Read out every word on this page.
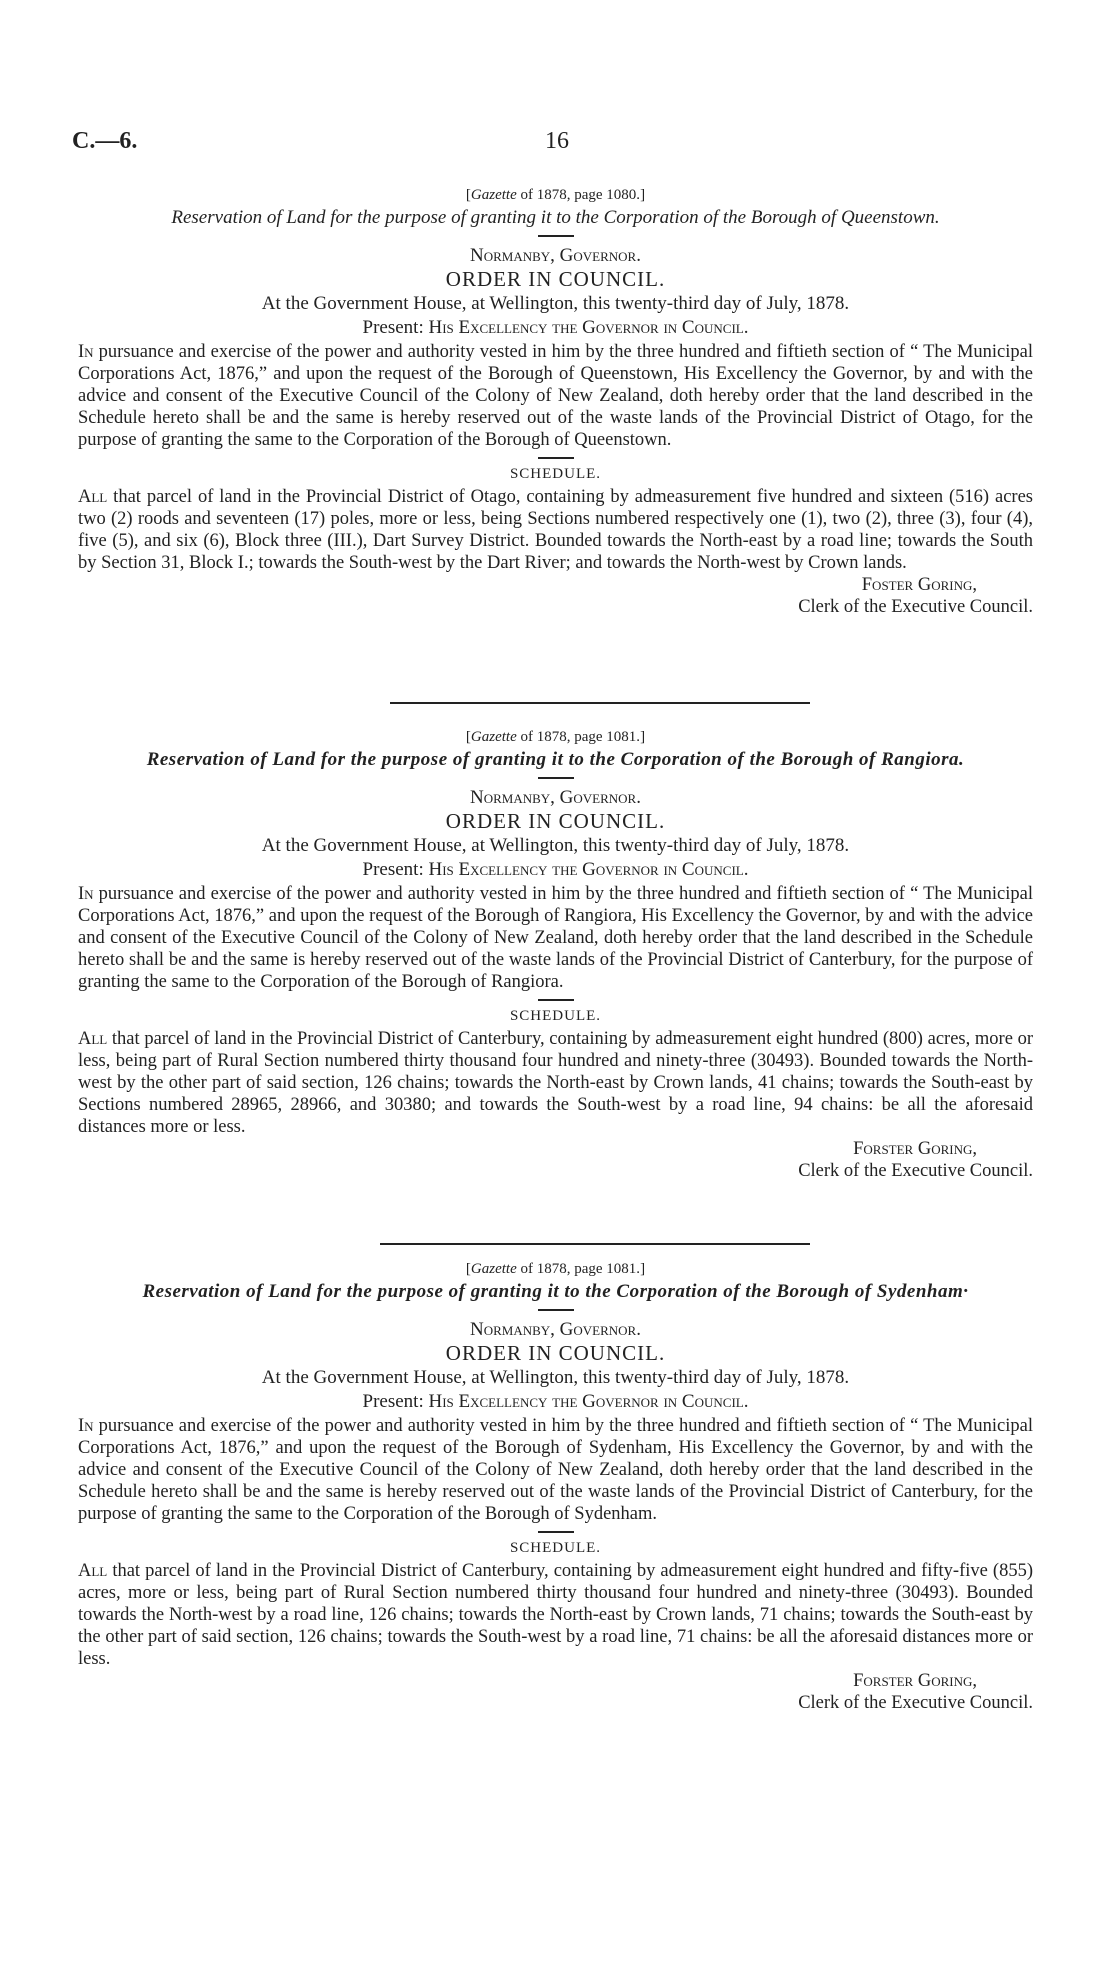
C.—6.	16
[Gazette of 1878, page 1080.]
Reservation of Land for the purpose of granting it to the Corporation of the Borough of Queenstown.
Normanby, Governor.
ORDER IN COUNCIL.
At the Government House, at Wellington, this twenty-third day of July, 1878.
Present: His Excellency the Governor in Council.
In pursuance and exercise of the power and authority vested in him by the three hundred and fiftieth section of “ The Municipal Corporations Act, 1876,” and upon the request of the Borough of Queenstown, His Excellency the Governor, by and with the advice and consent of the Executive Council of the Colony of New Zealand, doth hereby order that the land described in the Schedule hereto shall be and the same is hereby reserved out of the waste lands of the Provincial District of Otago, for the purpose of granting the same to the Corporation of the Borough of Queenstown.
SCHEDULE.
All that parcel of land in the Provincial District of Otago, containing by admeasurement five hundred and sixteen (516) acres two (2) roods and seventeen (17) poles, more or less, being Sections numbered respectively one (1), two (2), three (3), four (4), five (5), and six (6), Block three (III.), Dart Survey District. Bounded towards the North-east by a road line; towards the South by Section 31, Block I.; towards the South-west by the Dart River; and towards the North-west by Crown lands.
Foster Goring,
Clerk of the Executive Council.
[Gazette of 1878, page 1081.]
Reservation of Land for the purpose of granting it to the Corporation of the Borough of Rangiora.
Normanby, Governor.
ORDER IN COUNCIL.
At the Government House, at Wellington, this twenty-third day of July, 1878.
Present: His Excellency the Governor in Council.
In pursuance and exercise of the power and authority vested in him by the three hundred and fiftieth section of “ The Municipal Corporations Act, 1876,” and upon the request of the Borough of Rangiora, His Excellency the Governor, by and with the advice and consent of the Executive Council of the Colony of New Zealand, doth hereby order that the land described in the Schedule hereto shall be and the same is hereby reserved out of the waste lands of the Provincial District of Canterbury, for the purpose of granting the same to the Corporation of the Borough of Rangiora.
SCHEDULE.
All that parcel of land in the Provincial District of Canterbury, containing by admeasurement eight hundred (800) acres, more or less, being part of Rural Section numbered thirty thousand four hundred and ninety-three (30493). Bounded towards the North-west by the other part of said section, 126 chains; towards the North-east by Crown lands, 41 chains; towards the South-east by Sections numbered 28965, 28966, and 30380; and towards the South-west by a road line, 94 chains: be all the aforesaid distances more or less.
Forster Goring,
Clerk of the Executive Council.
[Gazette of 1878, page 1081.]
Reservation of Land for the purpose of granting it to the Corporation of the Borough of Sydenham·
Normanby, Governor.
ORDER IN COUNCIL.
At the Government House, at Wellington, this twenty-third day of July, 1878.
Present: His Excellency the Governor in Council.
In pursuance and exercise of the power and authority vested in him by the three hundred and fiftieth section of “ The Municipal Corporations Act, 1876,” and upon the request of the Borough of Sydenham, His Excellency the Governor, by and with the advice and consent of the Executive Council of the Colony of New Zealand, doth hereby order that the land described in the Schedule hereto shall be and the same is hereby reserved out of the waste lands of the Provincial District of Canterbury, for the purpose of granting the same to the Corporation of the Borough of Sydenham.
SCHEDULE.
All that parcel of land in the Provincial District of Canterbury, containing by admeasurement eight hundred and fifty-five (855) acres, more or less, being part of Rural Section numbered thirty thousand four hundred and ninety-three (30493). Bounded towards the North-west by a road line, 126 chains; towards the North-east by Crown lands, 71 chains; towards the South-east by the other part of said section, 126 chains; towards the South-west by a road line, 71 chains: be all the aforesaid distances more or less.
Forster Goring,
Clerk of the Executive Council.
